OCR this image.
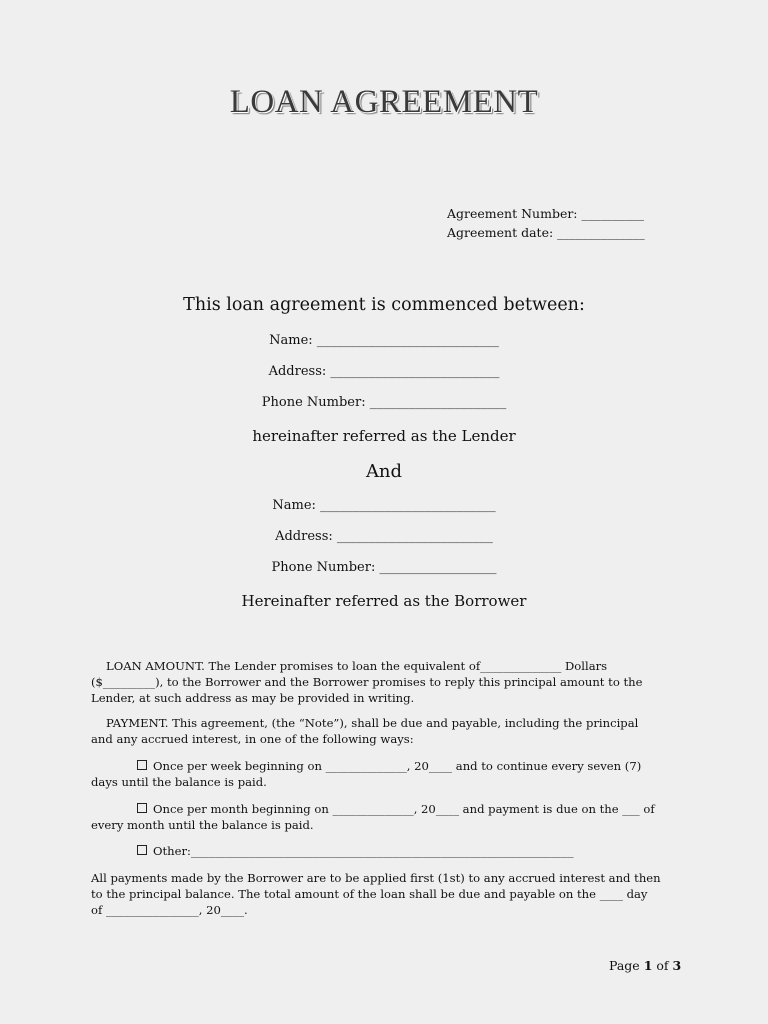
LOAN AGREEMENT
Agreement Number: __________
Agreement date: ______________
This loan agreement is commenced between:
Name: ____________________________
Address: __________________________
Phone Number: _____________________
hereinafter referred as the Lender
And
Name: ___________________________
Address: ________________________
Phone Number: __________________
Hereinafter referred as the Borrower
LOAN AMOUNT. The Lender promises to loan the equivalent of______________ Dollars ($_________), to the Borrower and the Borrower promises to reply this principal amount to the Lender, at such address as may be provided in writing.
PAYMENT. This agreement, (the “Note”), shall be due and payable, including the principal and any accrued interest, in one of the following ways:
Once per week beginning on ______________, 20____ and to continue every seven (7) days until the balance is paid.
Once per month beginning on ______________, 20____ and payment is due on the ___ of every month until the balance is paid.
Other:__________________________________________________________________
All payments made by the Borrower are to be applied first (1st) to any accrued interest and then to the principal balance. The total amount of the loan shall be due and payable on the ____ day of ________________, 20____.
Page 1 of 3
